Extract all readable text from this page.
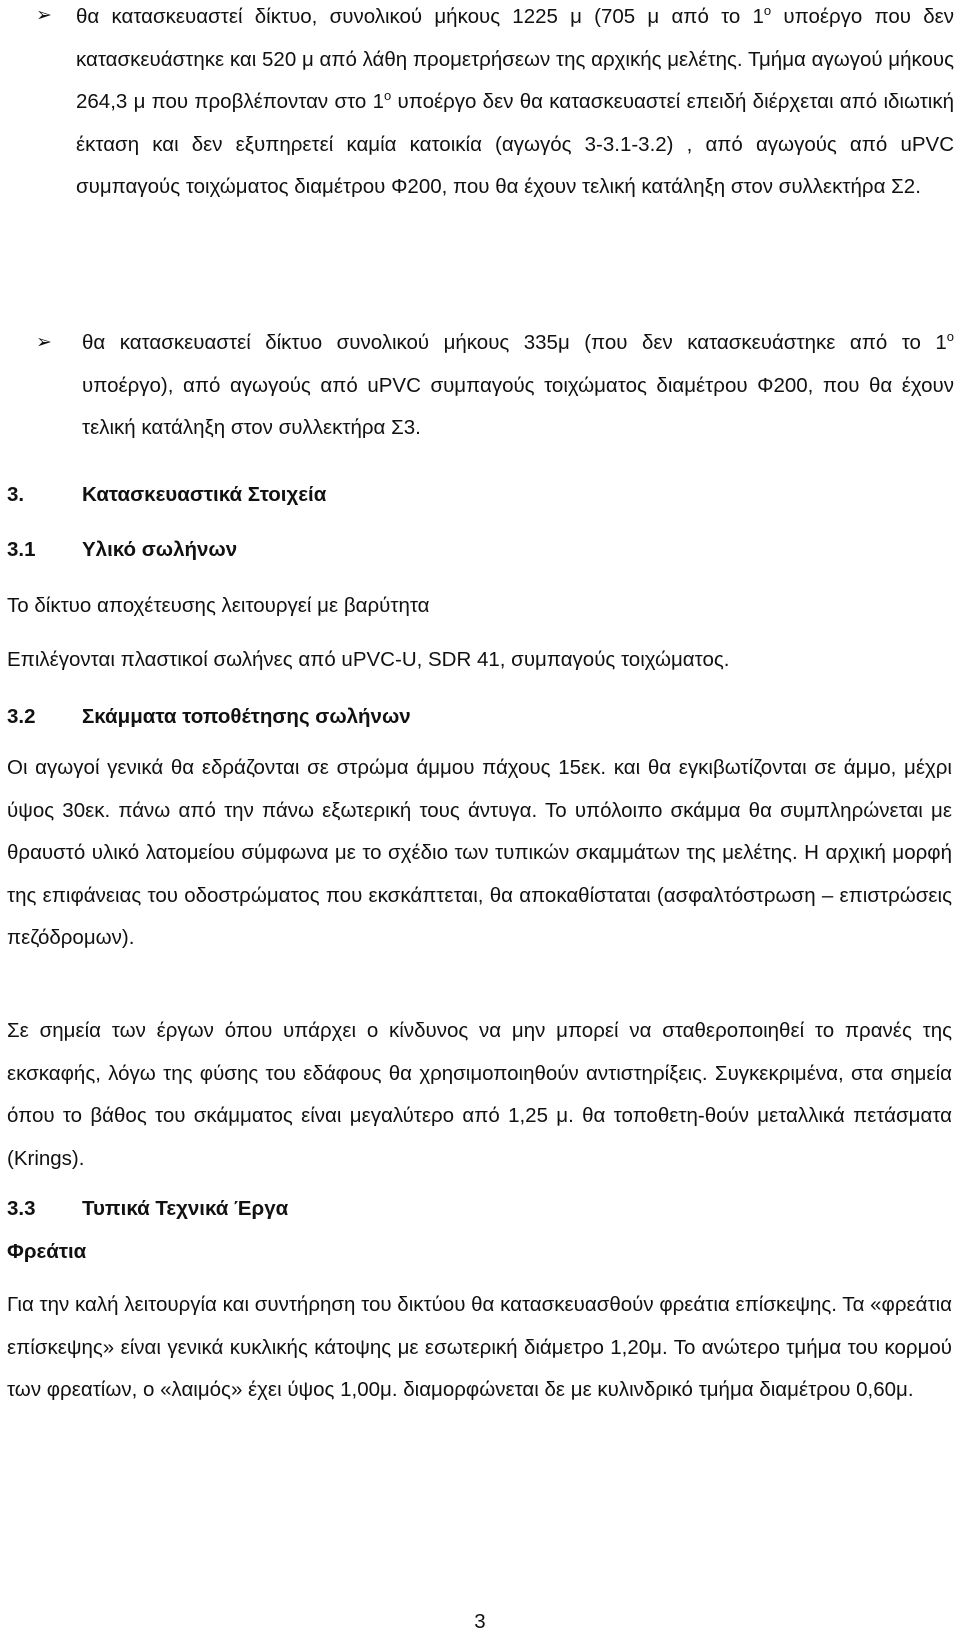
➢ θα κατασκευαστεί δίκτυο, συνολικού μήκους 1225 μ (705 μ από το $1^o$ υποέργο που δεν κατασκευάστηκε και 520 μ από λάθη προμετρήσεων της αρχικής μελέτης. Τμήμα αγωγού μήκους 264,3 μ που προβλέπονταν στο $1^o$ υποέργο δεν θα κατασκευαστεί επειδή διέρχεται από ιδιωτική έκταση και δεν εξυπηρετεί καμία κατοικία (αγωγός 3-3.1-3.2) , από αγωγούς από uPVC συμπαγούς τοιχώματος διαμέτρου Φ200, που θα έχουν τελική κατάληξη στον συλλεκτήρα Σ2.
➢ θα κατασκευαστεί δίκτυο συνολικού μήκους 335μ (που δεν κατασκευάστηκε από το $1^o$ υποέργο), από αγωγούς από uPVC συμπαγούς τοιχώματος διαμέτρου Φ200, που θα έχουν τελική κατάληξη στον συλλεκτήρα Σ3.
3.	Κατασκευαστικά Στοιχεία
3.1 Υλικό σωλήνων

Το δίκτυο αποχέτευσης λειτουργεί με βαρύτητα

Επιλέγονται πλαστικοί σωλήνες από uPVC-U, SDR 41, συμπαγούς τοιχώματος.

3.2 Σκάμματα τοποθέτησης σωλήνων

Οι αγωγοί γενικά θα εδράζονται σε στρώμα άμμου πάχους 15εκ. και θα εγκιβωτίζονται σε άμμο, μέχρι ύψος 30εκ. πάνω από την πάνω εξωτερική τους άντυγα. Το υπόλοιπο σκάμμα θα συμπληρώνεται με θραυστό υλικό λατομείου σύμφωνα με το σχέδιο των τυπικών σκαμμάτων της μελέτης. Η αρχική μορφή της επιφάνειας του οδοστρώματος που εκσκάπτεται, θα αποκαθίσταται (ασφαλτόστρωση – επιστρώσεις πεζόδρομων).

Σε σημεία των έργων όπου υπάρχει ο κίνδυνος να μην μπορεί να σταθεροποιηθεί το πρανές της εκσκαφής, λόγω της φύσης του εδάφους θα χρησιμοποιηθούν αντιστηρίξεις. Συγκεκριμένα, στα σημεία όπου το βάθος του σκάμματος είναι μεγαλύτερο από 1,25 μ. θα τοποθετη-θούν μεταλλικά πετάσματα (Krings).

3.3 Τυπικά Τεχνικά Έργα
Φρεάτια

Για την καλή λειτουργία και συντήρηση του δικτύου θα κατασκευασθούν φρεάτια επίσκεψης. Τα «φρεάτια επίσκεψης» είναι γενικά κυκλικής κάτοψης με εσωτερική διάμετρο 1,20μ. Το ανώτερο τμήμα του κορμού των φρεατίων, ο «λαιμός» έχει ύψος 1,00μ. διαμορφώνεται δε με κυλινδρικό τμήμα διαμέτρου 0,60μ.

3
